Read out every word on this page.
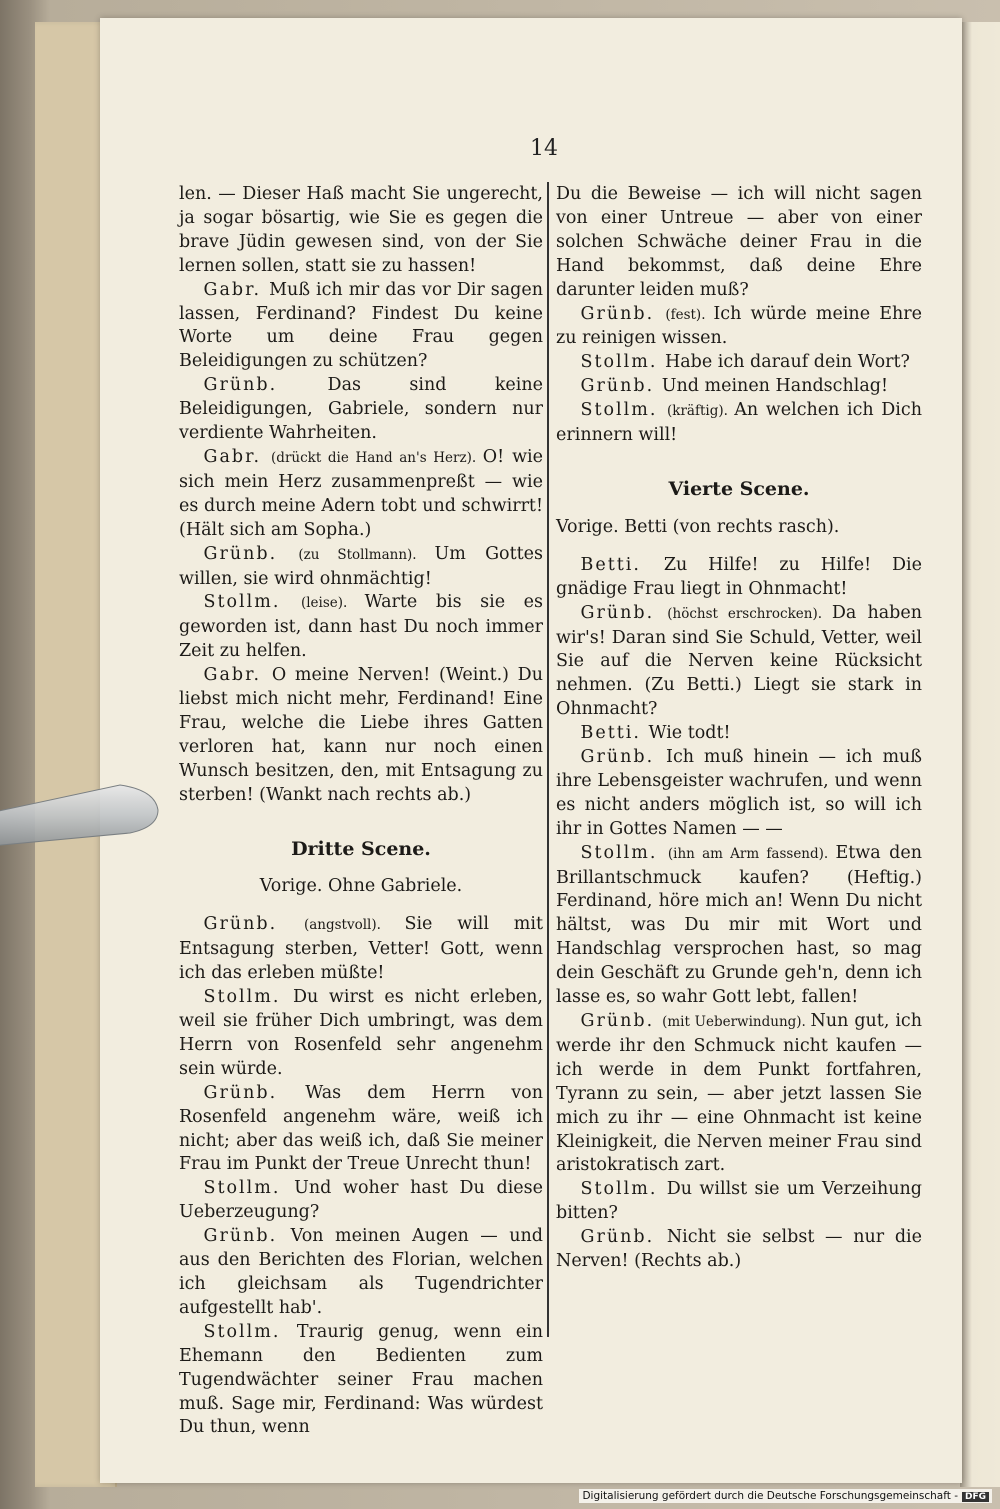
14

len. — Dieser Haß macht Sie ungerecht, ja sogar bösartig, wie Sie es gegen die brave Jüdin gewesen sind, von der Sie lernen sollen, statt sie zu hassen!

Gabr. Muß ich mir das vor Dir sagen lassen, Ferdinand? Findest Du keine Worte um deine Frau gegen Beleidigungen zu schützen?

Grünb. Das sind keine Beleidigungen, Gabriele, sondern nur verdiente Wahrheiten.

Gabr. (drückt die Hand an's Herz). O! wie sich mein Herz zusammenpreßt — wie es durch meine Adern tobt und schwirrt! (Hält sich am Sopha.)

Grünb. (zu Stollmann). Um Gottes willen, sie wird ohnmächtig!

Stollm. (leise). Warte bis sie es geworden ist, dann hast Du noch immer Zeit zu helfen.

Gabr. O meine Nerven! (Weint.) Du liebst mich nicht mehr, Ferdinand! Eine Frau, welche die Liebe ihres Gatten verloren hat, kann nur noch einen Wunsch besitzen, den, mit Entsagung zu sterben! (Wankt nach rechts ab.)

Dritte Scene.

Vorige. Ohne Gabriele.

Grünb. (angstvoll). Sie will mit Entsagung sterben, Vetter! Gott, wenn ich das erleben müßte!

Stollm. Du wirst es nicht erleben, weil sie früher Dich umbringt, was dem Herrn von Rosenfeld sehr angenehm sein würde.

Grünb. Was dem Herrn von Rosenfeld angenehm wäre, weiß ich nicht; aber das weiß ich, daß Sie meiner Frau im Punkt der Treue Unrecht thun!

Stollm. Und woher hast Du diese Ueberzeugung?

Grünb. Von meinen Augen — und aus den Berichten des Florian, welchen ich gleichsam als Tugendrichter aufgestellt hab'.

Stollm. Traurig genug, wenn ein Ehemann den Bedienten zum Tugendwächter seiner Frau machen muß. Sage mir, Ferdinand: Was würdest Du thun, wenn

Du die Beweise — ich will nicht sagen von einer Untreue — aber von einer solchen Schwäche deiner Frau in die Hand bekommst, daß deine Ehre darunter leiden muß?

Grünb. (fest). Ich würde meine Ehre zu reinigen wissen.

Stollm. Habe ich darauf dein Wort?

Grünb. Und meinen Handschlag!

Stollm. (kräftig). An welchen ich Dich erinnern will!

Vierte Scene.

Vorige. Betti (von rechts rasch).

Betti. Zu Hilfe! zu Hilfe! Die gnädige Frau liegt in Ohnmacht!

Grünb. (höchst erschrocken). Da haben wir's! Daran sind Sie Schuld, Vetter, weil Sie auf die Nerven keine Rücksicht nehmen. (Zu Betti.) Liegt sie stark in Ohnmacht?

Betti. Wie todt!

Grünb. Ich muß hinein — ich muß ihre Lebensgeister wachrufen, und wenn es nicht anders möglich ist, so will ich ihr in Gottes Namen — —

Stollm. (ihn am Arm fassend). Etwa den Brillantschmuck kaufen? (Heftig.) Ferdinand, höre mich an! Wenn Du nicht hältst, was Du mir mit Wort und Handschlag versprochen hast, so mag dein Geschäft zu Grunde geh'n, denn ich lasse es, so wahr Gott lebt, fallen!

Grünb. (mit Ueberwindung). Nun gut, ich werde ihr den Schmuck nicht kaufen — ich werde in dem Punkt fortfahren, Tyrann zu sein, — aber jetzt lassen Sie mich zu ihr — eine Ohnmacht ist keine Kleinigkeit, die Nerven meiner Frau sind aristokratisch zart.

Stollm. Du willst sie um Verzeihung bitten?

Grünb. Nicht sie selbst — nur die Nerven! (Rechts ab.)

Digitalisierung gefördert durch die Deutsche Forschungsgemeinschaft - DFG
